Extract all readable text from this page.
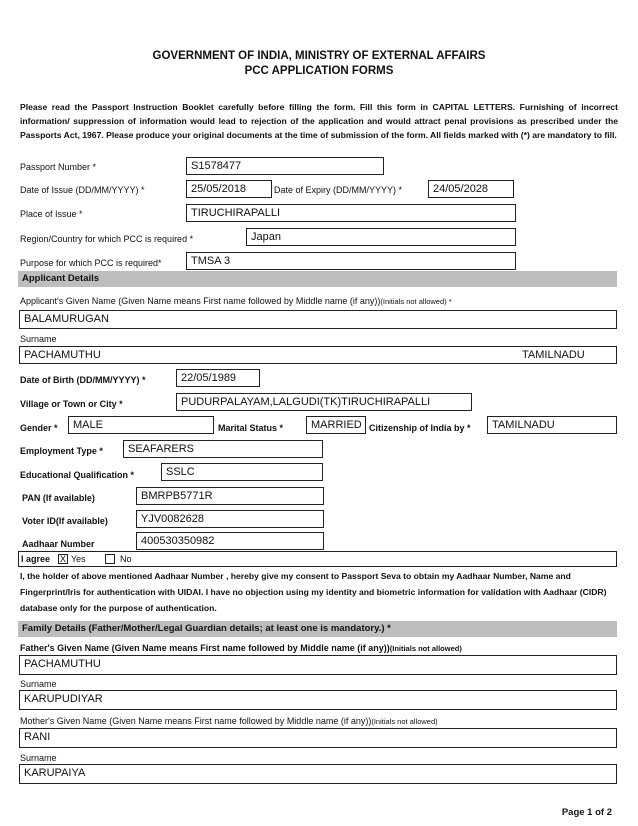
GOVERNMENT OF INDIA, MINISTRY OF EXTERNAL AFFAIRS
PCC APPLICATION FORMS
Please read the Passport Instruction Booklet carefully before filling the form. Fill this form in CAPITAL LETTERS. Furnishing of incorrect information/ suppression of information would lead to rejection of the application and would attract penal provisions as prescribed under the Passports Act, 1967. Please produce your original documents at the time of submission of the form. All fields marked with (*) are mandatory to fill.
Passport Number *	S1578477
Date of Issue (DD/MM/YYYY) *	25/05/2018	Date of Expiry (DD/MM/YYYY) *	24/05/2028
Place of Issue *	TIRUCHIRAPALLI
Region/Country for which PCC is required *	Japan
Purpose for which PCC is required*	TMSA 3
Applicant Details
Applicant's Given Name (Given Name means First name followed by Middle name (if any))(Initials not allowed) *
BALAMURUGAN
Surname
PACHAMUTHU	TAMILNADU
Date of Birth (DD/MM/YYYY) *	22/05/1989
Village or Town or City *	PUDURPALAYAM,LALGUDI(TK)TIRUCHIRAPALLI
Gender *	MALE	Marital Status *	MARRIED Citizenship of India by *	TAMILNADU
Employment Type *	SEAFARERS
Educational Qualification *	SSLC
PAN (If available)	BMRPB5771R
Voter ID(If available)	YJV0082628
Aadhaar Number	400530350982
I agree X Yes	No
I, the holder of above mentioned Aadhaar Number , hereby give my consent to Passport Seva to obtain my Aadhaar Number, Name and Fingerprint/Iris for authentication with UIDAI. I have no objection using my identity and biometric information for validation with Aadhaar (CIDR) database only for the purpose of authentication.
Family Details (Father/Mother/Legal Guardian details; at least one is mandatory.) *
Father's Given Name (Given Name means First name followed by Middle name (if any))(Initials not allowed)
PACHAMUTHU
Surname
KARUPUDIYAR
Mother's Given Name (Given Name means First name followed by Middle name (if any))(Initials not allowed)
RANI
Surname
KARUPAIYA
Page 1 of 2
